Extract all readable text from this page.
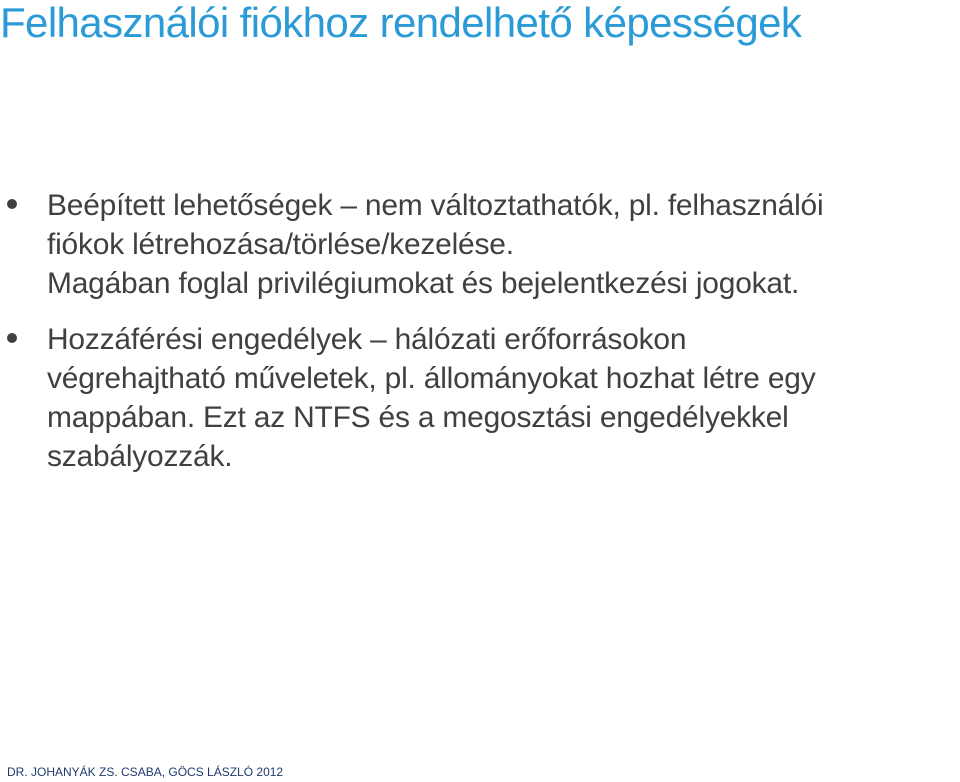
Felhasználói fiókhoz rendelhető képességek
Beépített lehetőségek – nem változtathatók, pl. felhasználói
fiókok létrehozása/törlése/kezelése.
Magában foglal privilégiumokat és bejelentkezési jogokat.
Hozzáférési engedélyek – hálózati erőforrásokon
végrehajtható műveletek, pl. állományokat hozhat létre egy
mappában. Ezt az NTFS és a megosztási engedélyekkel
szabályozzák.
DR. JOHANYÁK ZS. CSABA, GÖCS LÁSZLÓ 2012
